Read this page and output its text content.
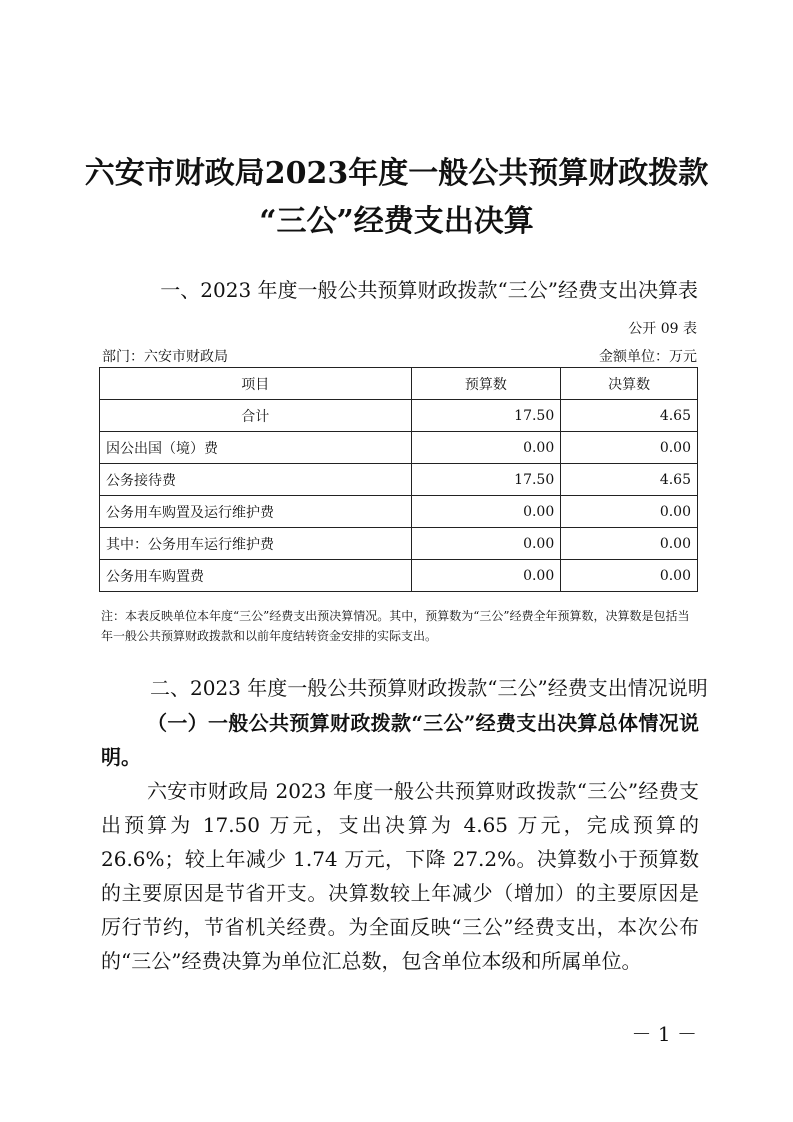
六安市财政局2023年度一般公共预算财政拨款
“三公”经费支出决算
一、2023 年度一般公共预算财政拨款“三公”经费支出决算表
公开 09 表
部门：六安市财政局	金额单位：万元
项目	预算数	决算数
合计	17.50	4.65
因公出国（境）费	0.00	0.00
公务接待费	17.50	4.65
公务用车购置及运行维护费	0.00	0.00
其中：公务用车运行维护费	0.00	0.00
公务用车购置费	0.00	0.00
注：本表反映单位本年度“三公”经费支出预决算情况。其中，预算数为“三公”经费全年预算数，决算数是包括当年一般公共预算财政拨款和以前年度结转资金安排的实际支出。
二、2023 年度一般公共预算财政拨款“三公”经费支出情况说明
（一）一般公共预算财政拨款“三公”经费支出决算总体情况说明。
六安市财政局 2023 年度一般公共预算财政拨款“三公”经费支出预算为 17.50 万元，支出决算为 4.65 万元，完成预算的 26.6%；较上年减少 1.74 万元，下降 27.2%。决算数小于预算数的主要原因是节省开支。决算数较上年减少（增加）的主要原因是厉行节约，节省机关经费。为全面反映“三公”经费支出，本次公布的“三公”经费决算为单位汇总数，包含单位本级和所属单位。
－ 1 －
